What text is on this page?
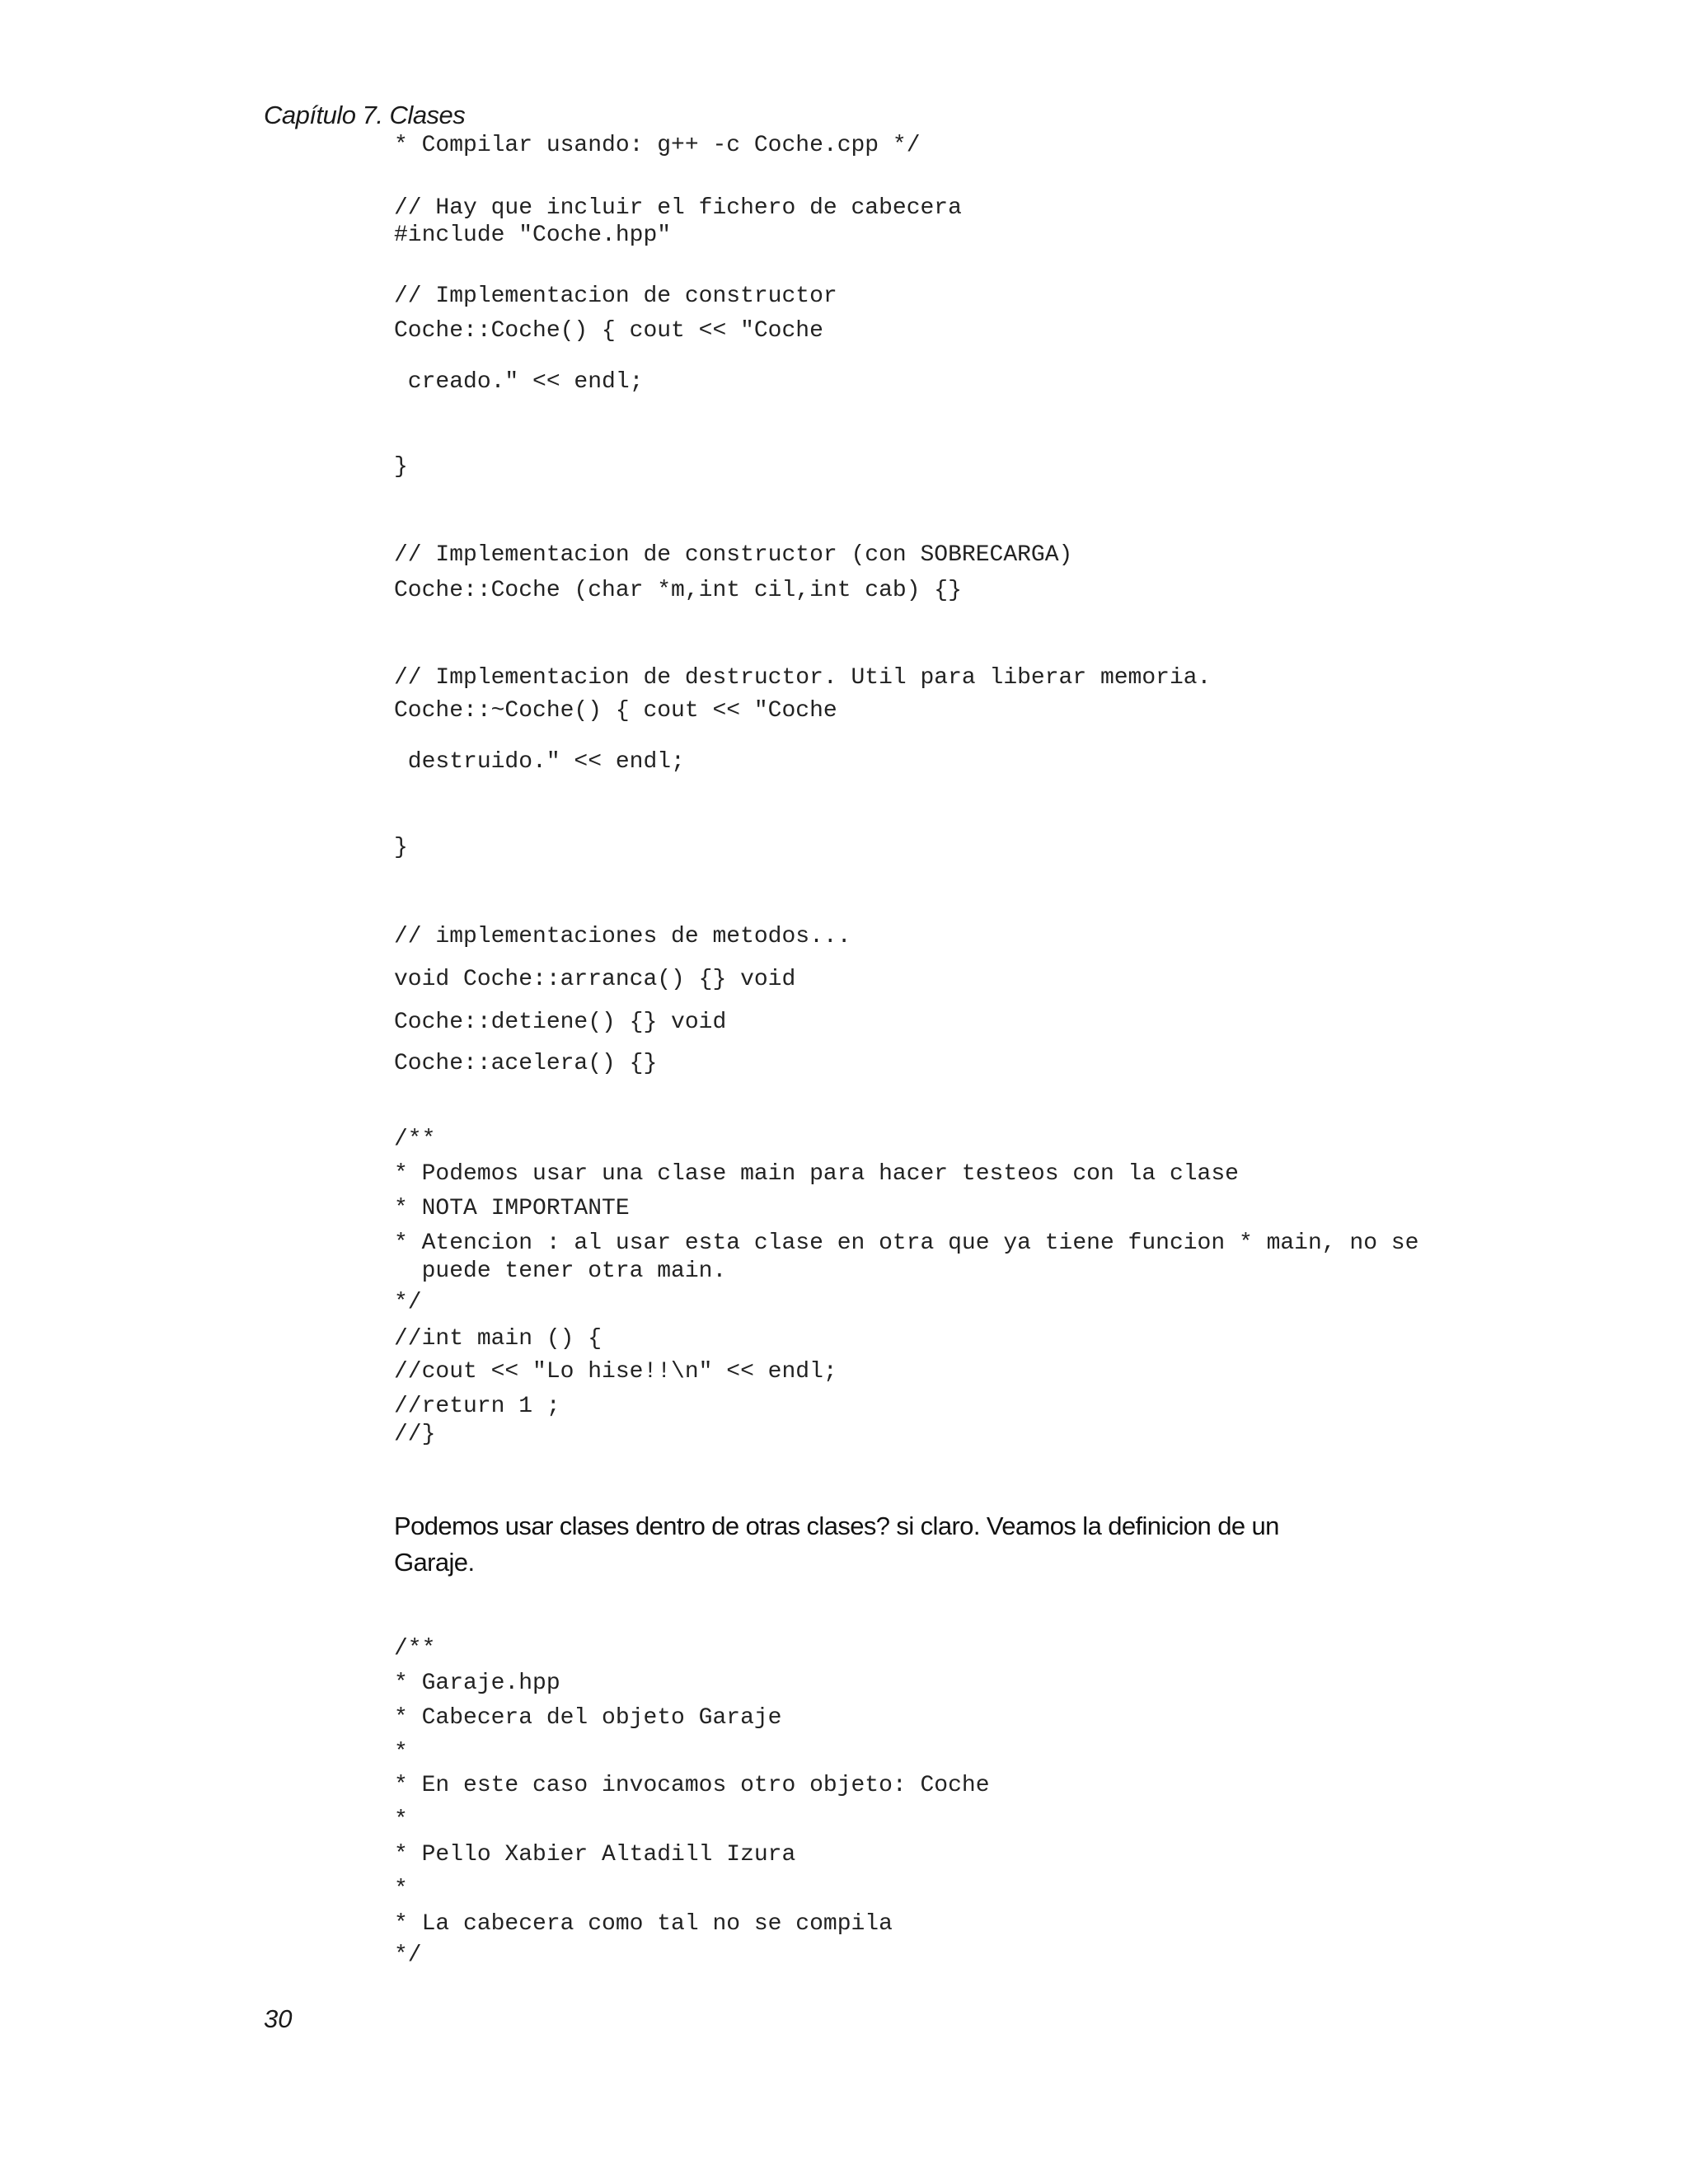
Capítulo 7. Clases
* Compilar usando: g++ -c Coche.cpp */
// Hay que incluir el fichero de cabecera
#include "Coche.hpp"
// Implementacion de constructor
Coche::Coche() { cout << "Coche
creado." << endl;
}
// Implementacion de constructor (con SOBRECARGA)
Coche::Coche (char *m,int cil,int cab) {}
// Implementacion de destructor. Util para liberar memoria.
Coche::~Coche() { cout << "Coche
destruido." << endl;
}
// implementaciones de metodos...
void Coche::arranca() {} void
Coche::detiene() {} void
Coche::acelera() {}
/**
* Podemos usar una clase main para hacer testeos con la clase
* NOTA IMPORTANTE
* Atencion : al usar esta clase en otra que ya tiene funcion * main, no se
puede tener otra main.
*/
//int main () {
//cout << "Lo hise!!\n" << endl;
//return 1 ;
//}
Podemos usar clases dentro de otras clases? si claro. Veamos la definicion de un Garaje.
/**
* Garaje.hpp
* Cabecera del objeto Garaje
*
* En este caso invocamos otro objeto: Coche
*
* Pello Xabier Altadill Izura
*
* La cabecera como tal no se compila
*/
30
